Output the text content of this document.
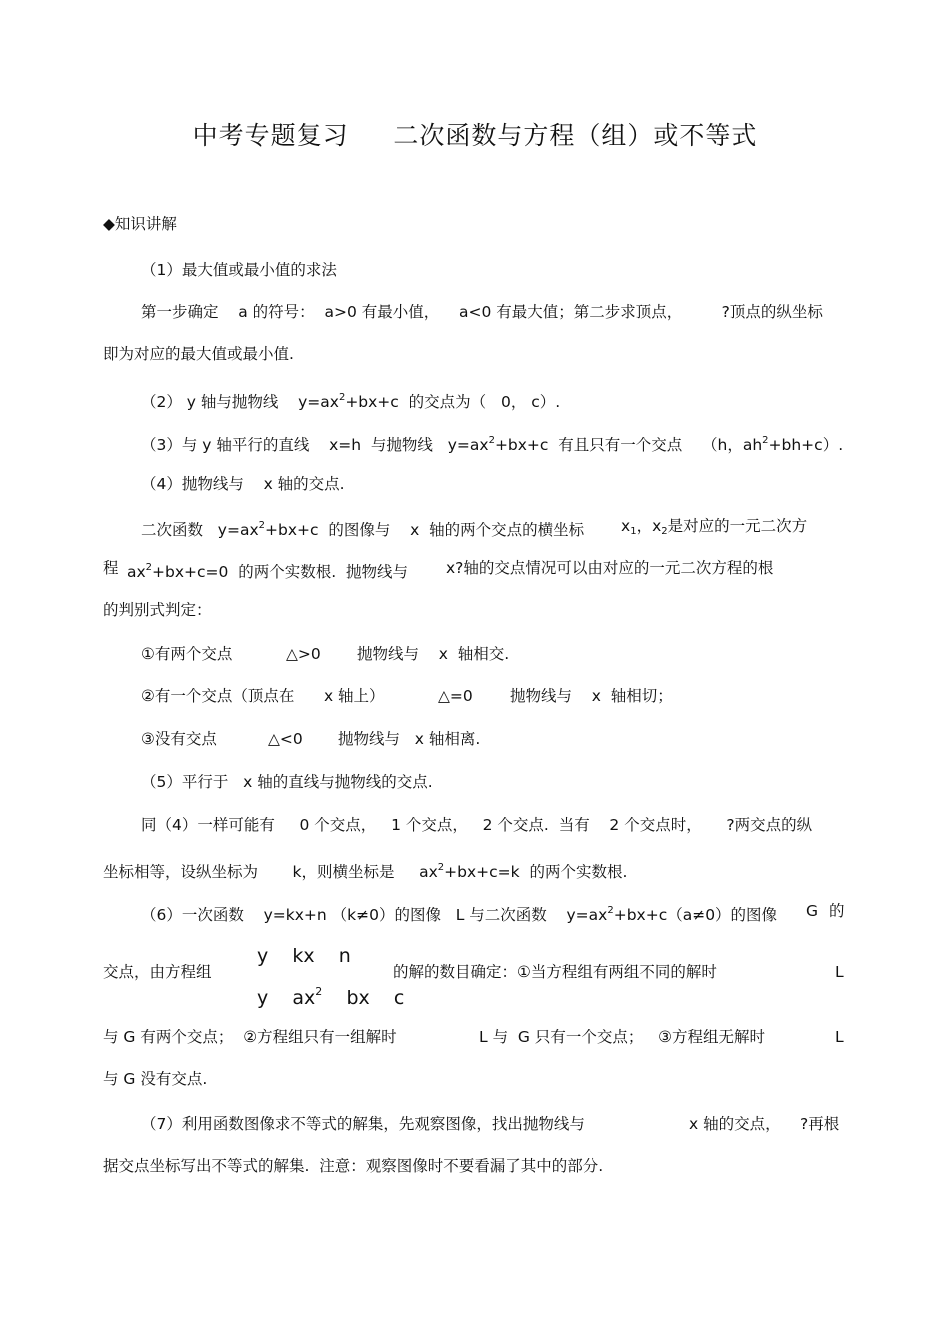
中考专题复习     二次函数与方程（组）或不等式
◆知识讲解
（1）最大值或最小值的求法
第一步确定    a 的符号：  a>0 有最小值，    a<0 有最大值；第二步求顶点，        ?顶点的纵坐标
即为对应的最大值或最小值.
（2） y 轴与抛物线    $y=ax^2+bx+c$  的交点为（   0， c）.
（3）与 y 轴平行的直线    x=h  与抛物线   $y=ax^2+bx+c$  有且只有一个交点    （h，$ah^2+bh+c$）.
（4）抛物线与    x 轴的交点.
二次函数   $y=ax^2+bx+c$  的图像与    x  轴的两个交点的横坐标 $x_1$，$x_2$是对应的一元二次方
程 $ax^2+bx+c=0$  的两个实数根.  抛物线与 x?轴的交点情况可以由对应的一元二次方程的根
的判别式判定：
①有两个交点	△>0 抛物线与    x  轴相交.
②有一个交点（顶点在      x 轴上）	△=0 抛物线与    x  轴相切；
③没有交点	△<0 抛物线与   x 轴相离.
（5）平行于   x 轴的直线与抛物线的交点.
同（4）一样可能有     0 个交点，   1 个交点，   2 个交点.  当有    2 个交点时，     ?两交点的纵
坐标相等，设纵坐标为       k，则横坐标是     $ax^2+bx+c=k$  的两个实数根.
（6）一次函数    y=kx+n （k≠0）的图像   L 与二次函数    $y=ax^2+bx+c(a\ne 0)$的图像 G 的
交点，由方程组
y    kx    n
y    $ax^2$    bx    c
的解的数目确定：①当方程组有两组不同的解时	L
与 G 有两个交点；  ②方程组只有一组解时	L 与  G 只有一个交点；   ③方程组无解时	L
与 G 没有交点.
（7）利用函数图像求不等式的解集，先观察图像，找出抛物线与	x 轴的交点， ?再根
据交点坐标写出不等式的解集.  注意：观察图像时不要看漏了其中的部分.
